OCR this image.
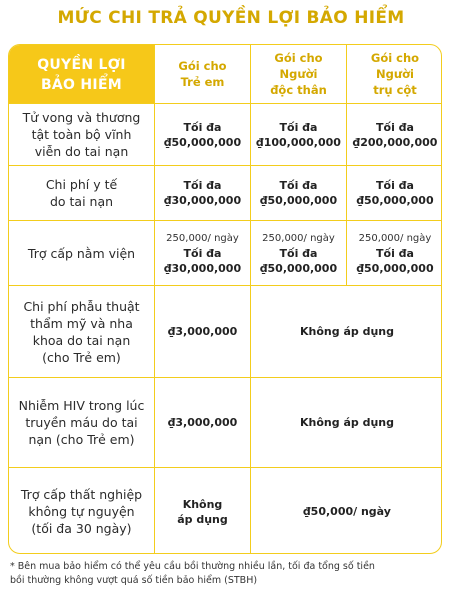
MỨC CHI TRẢ QUYỀN LỢI BẢO HIỂM
QUYỀN LỢI
BẢO HIỂM
Gói cho
Trẻ em
Gói cho
Người
độc thân
Gói cho
Người
trụ cột
Tử vong và thương
tật toàn bộ vĩnh
viễn do tai nạn
Tối đa
₫50,000,000
Tối đa
₫100,000,000
Tối đa
₫200,000,000
Chi phí y tế
do tai nạn
Tối đa
₫30,000,000
Tối đa
₫50,000,000
Tối đa
₫50,000,000
Trợ cấp nằm viện
250,000/ ngày
Tối đa
₫30,000,000
250,000/ ngày
Tối đa
₫50,000,000
250,000/ ngày
Tối đa
₫50,000,000
Chi phí phẫu thuật
thẩm mỹ và nha
khoa do tai nạn
(cho Trẻ em)
₫3,000,000	Không áp dụng
Nhiễm HIV trong lúc
truyền máu do tai
nạn (cho Trẻ em)
₫3,000,000	Không áp dụng
Trợ cấp thất nghiệp
không tự nguyện
(tối đa 30 ngày)
Không
áp dụng
₫50,000/ ngày
* Bên mua bảo hiểm có thể yêu cầu bồi thường nhiều lần, tối đa tổng số tiền
bồi thường không vượt quá số tiền bảo hiểm (STBH)
